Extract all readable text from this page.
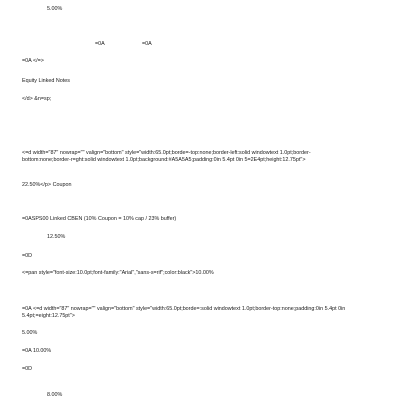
5.00%
=0A	=0A
=0A </=>
Equity Linked Notes
</d> &n=sp;
<=d width="87" nowrap="" valign="bottom" style="width:65.0pt;borde=-top:none;border-left:solid windowtext 1.0pt;border-bottom:none;border-r=ght:solid windowtext 1.0pt;background:#A5A5A5;padding:0in 5.4pt 0in 5=2E4pt;height:12.75pt">
22.50%</p> Coupon
=0ASPS00 Linked CBEN (10% Coupon = 10% cap / 23% buffer)
12.50%
=0D
<=pan style="font-size:10.0pt;font-family:"Arial","sans-s=rif";color:black">10.00%
=0A <=d width="87" nowrap="" valign="bottom" style="width:65.0pt;borde=:solid windowtext 1.0pt;border-top:none;padding:0in 5.4pt 0in 5.4pt;=eight:12.75pt">
5.00%
=0A 10.00%
=0D
8.00%
